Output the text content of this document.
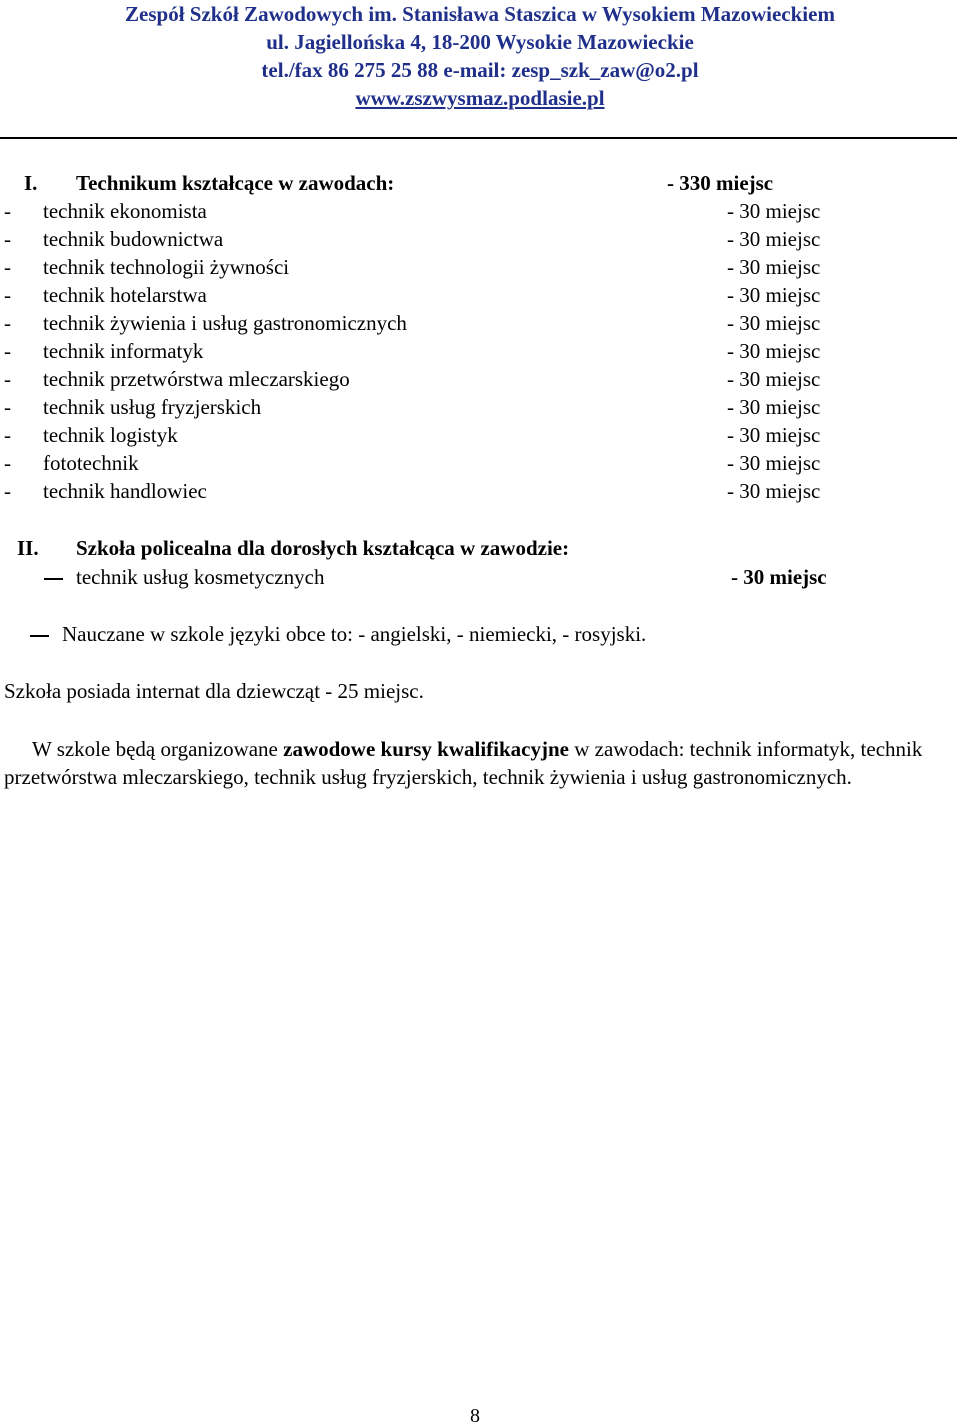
Zespół Szkół Zawodowych im. Stanisława Staszica w Wysokiem Mazowieckiem
ul. Jagiellońska 4, 18-200 Wysokie Mazowieckie
tel./fax 86 275 25 88 e-mail: zesp_szk_zaw@o2.pl
www.zszwysmaz.podlasie.pl
I. Technikum kształcące w zawodach:	- 330 miejsc
- technik ekonomista	- 30 miejsc
- technik budownictwa	- 30 miejsc
- technik technologii żywności	- 30 miejsc
- technik hotelarstwa	- 30 miejsc
- technik żywienia i usług gastronomicznych	- 30 miejsc
- technik informatyk	- 30 miejsc
- technik przetwórstwa mleczarskiego	- 30 miejsc
- technik usług fryzjerskich	- 30 miejsc
- technik logistyk	- 30 miejsc
- fototechnik	- 30 miejsc
- technik handlowiec	- 30 miejsc
II. Szkoła policealna dla dorosłych kształcąca w zawodzie:
technik usług kosmetycznych	- 30 miejsc
Nauczane w szkole języki obce to: - angielski, - niemiecki, - rosyjski.
Szkoła posiada internat dla dziewcząt - 25 miejsc.
W szkole będą organizowane zawodowe kursy kwalifikacyjne w zawodach: technik informatyk, technik przetwórstwa mleczarskiego, technik usług fryzjerskich, technik żywienia i usług gastronomicznych.
8
